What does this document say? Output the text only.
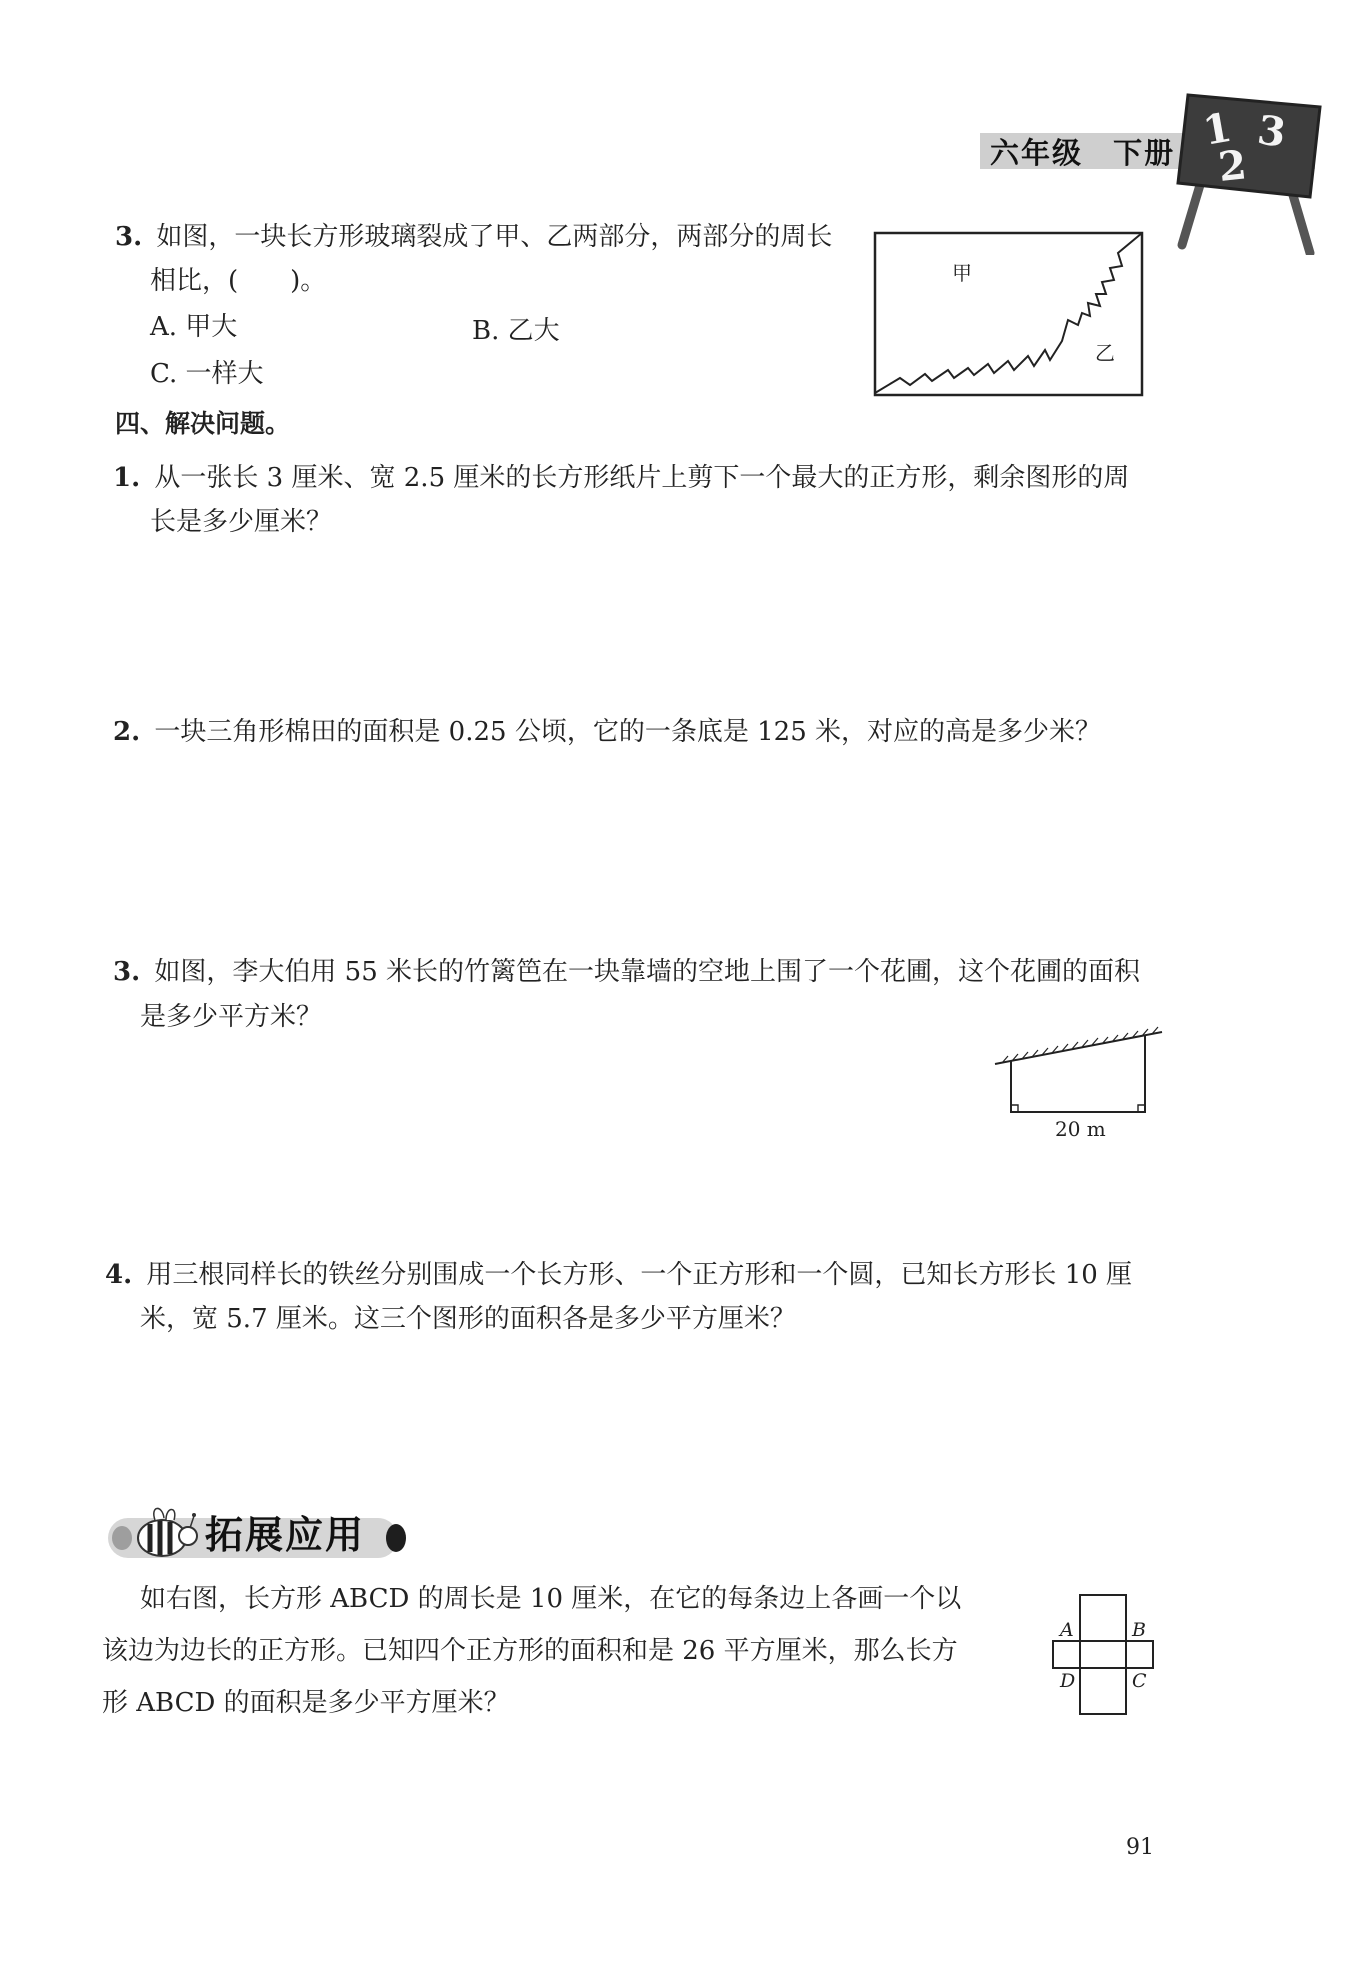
六年级 下册 1 3
2
3. 如图，一块长方形玻璃裂成了甲、乙两部分，两部分的周长
相比，(　　)。
A. 甲大	B. 乙大
C. 一样大
甲
乙
四、解决问题。
1. 从一张长 3 厘米、宽 2.5 厘米的长方形纸片上剪下一个最大的正方形，剩余图形的周
长是多少厘米？
2. 一块三角形棉田的面积是 0.25 公顷，它的一条底是 125 米，对应的高是多少米？
3. 如图，李大伯用 55 米长的竹篱笆在一块靠墙的空地上围了一个花圃，这个花圃的面积
是多少平方米？
20 m
4. 用三根同样长的铁丝分别围成一个长方形、一个正方形和一个圆，已知长方形长 10 厘
米，宽 5.7 厘米。这三个图形的面积各是多少平方厘米？
拓展应用
如右图，长方形 ABCD 的周长是 10 厘米，在它的每条边上各画一个以
该边为边长的正方形。已知四个正方形的面积和是 26 平方厘米，那么长方
形 ABCD 的面积是多少平方厘米？
A	B
D	C
91
